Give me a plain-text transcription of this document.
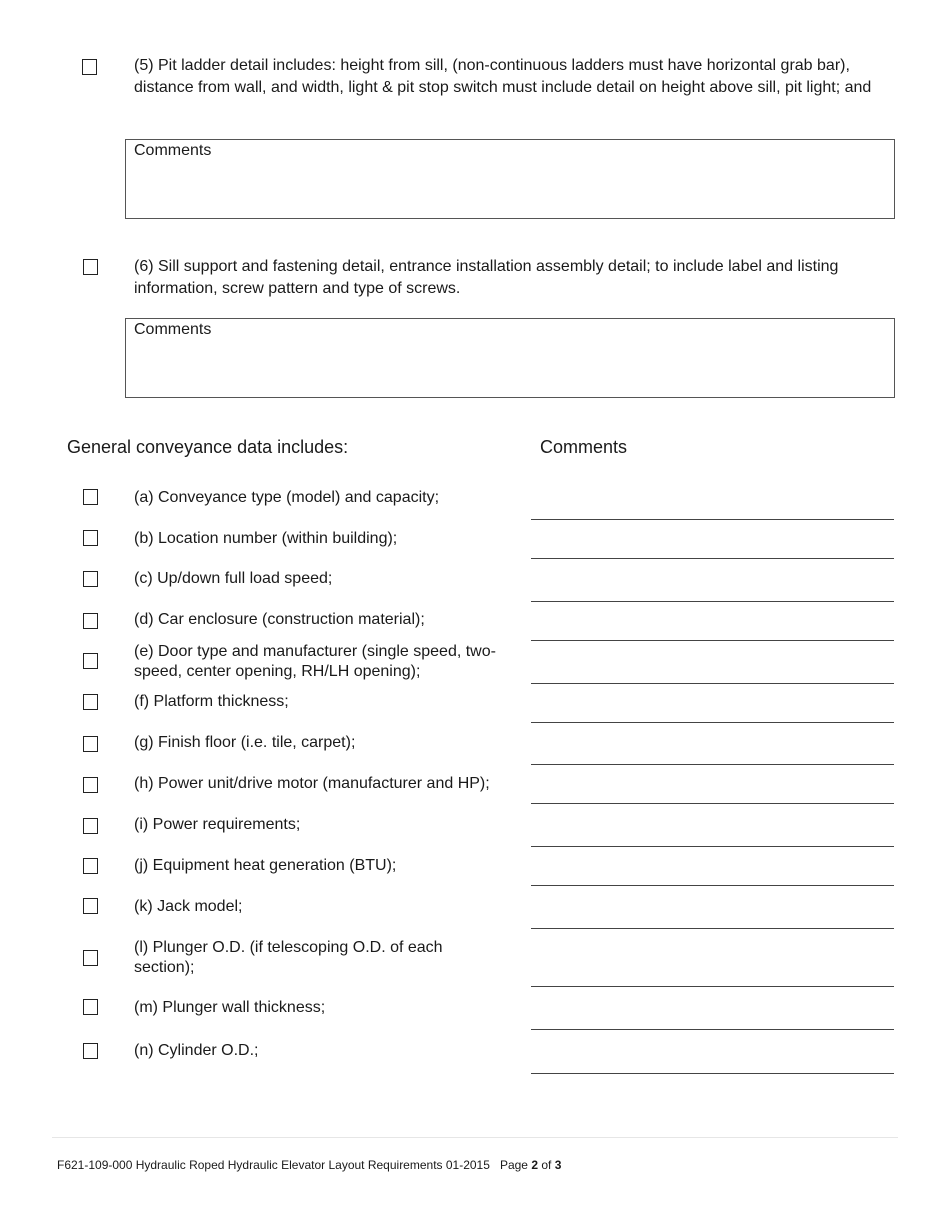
(5) Pit ladder detail includes: height from sill, (non-continuous ladders must have horizontal grab bar), distance from wall, and width, light & pit stop switch must include detail on height above sill, pit light; and
Comments
(6) Sill support and fastening detail, entrance installation assembly detail; to include label and listing information, screw pattern and type of screws.
Comments
General conveyance data includes:	Comments
(a) Conveyance type (model) and capacity;
(b) Location number (within building);
(c) Up/down full load speed;
(d) Car enclosure (construction material);
(e) Door type and manufacturer (single speed, two-speed, center opening, RH/LH opening);
(f) Platform thickness;
(g) Finish floor (i.e. tile, carpet);
(h) Power unit/drive motor (manufacturer and HP);
(i) Power requirements;
(j) Equipment heat generation (BTU);
(k) Jack model;
(l) Plunger O.D. (if telescoping O.D. of each section);
(m) Plunger wall thickness;
(n) Cylinder O.D.;
F621-109-000 Hydraulic Roped Hydraulic Elevator Layout Requirements 01-2015 Page 2 of 3
